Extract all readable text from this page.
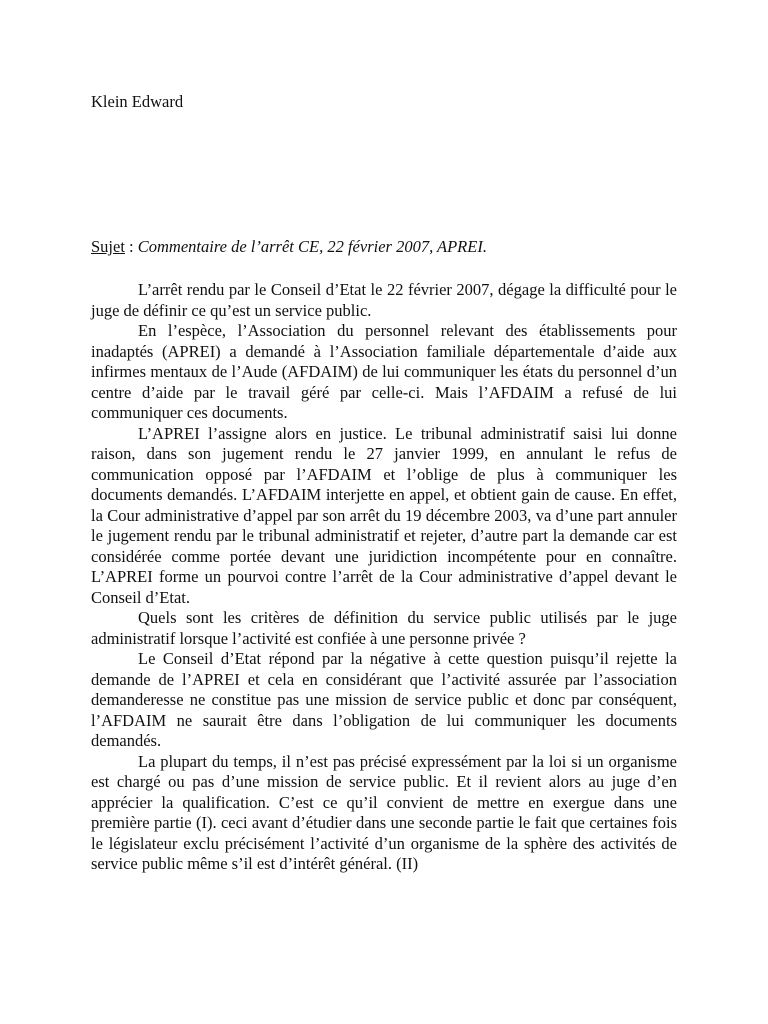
Klein Edward
Sujet : Commentaire de l’arrêt CE, 22 février 2007, APREI.

L’arrêt rendu par le Conseil d’Etat le 22 février 2007, dégage la difficulté pour le juge de définir ce qu’est un service public.

En l’espèce, l’Association du personnel relevant des établissements pour inadaptés (APREI) a demandé à l’Association familiale départementale d’aide aux infirmes mentaux de l’Aude (AFDAIM) de lui communiquer les états du personnel d’un centre d’aide par le travail géré par celle-ci. Mais l’AFDAIM a refusé de lui communiquer ces documents.

L’APREI l’assigne alors en justice. Le tribunal administratif saisi lui donne raison, dans son jugement rendu le 27 janvier 1999, en annulant le refus de communication opposé par l’AFDAIM et l’oblige de plus à communiquer les documents demandés. L’AFDAIM interjette en appel, et obtient gain de cause. En effet, la Cour administrative d’appel par son arrêt du 19 décembre 2003, va d’une part annuler le jugement rendu par le tribunal administratif et rejeter, d’autre part la demande car est considérée comme portée devant une juridiction incompétente pour en connaître. L’APREI forme un pourvoi contre l’arrêt de la Cour administrative d’appel devant le Conseil d’Etat.

Quels sont les critères de définition du service public utilisés par le juge administratif lorsque l’activité est confiée à une personne privée ?

Le Conseil d’Etat répond par la négative à cette question puisqu’il rejette la demande de l’APREI et cela en considérant que l’activité assurée par l’association demanderesse ne constitue pas une mission de service public et donc par conséquent, l’AFDAIM ne saurait être dans l’obligation de lui communiquer les documents demandés.

La plupart du temps, il n’est pas précisé expressément par la loi si un organisme est chargé ou pas d’une mission de service public. Et il revient alors au juge d’en apprécier la qualification. C’est ce qu’il convient de mettre en exergue dans une première partie (I). ceci avant d’étudier dans une seconde partie le fait que certaines fois le législateur exclu précisément l’activité d’un organisme de la sphère des activités de service public même s’il est d’intérêt général. (II)
